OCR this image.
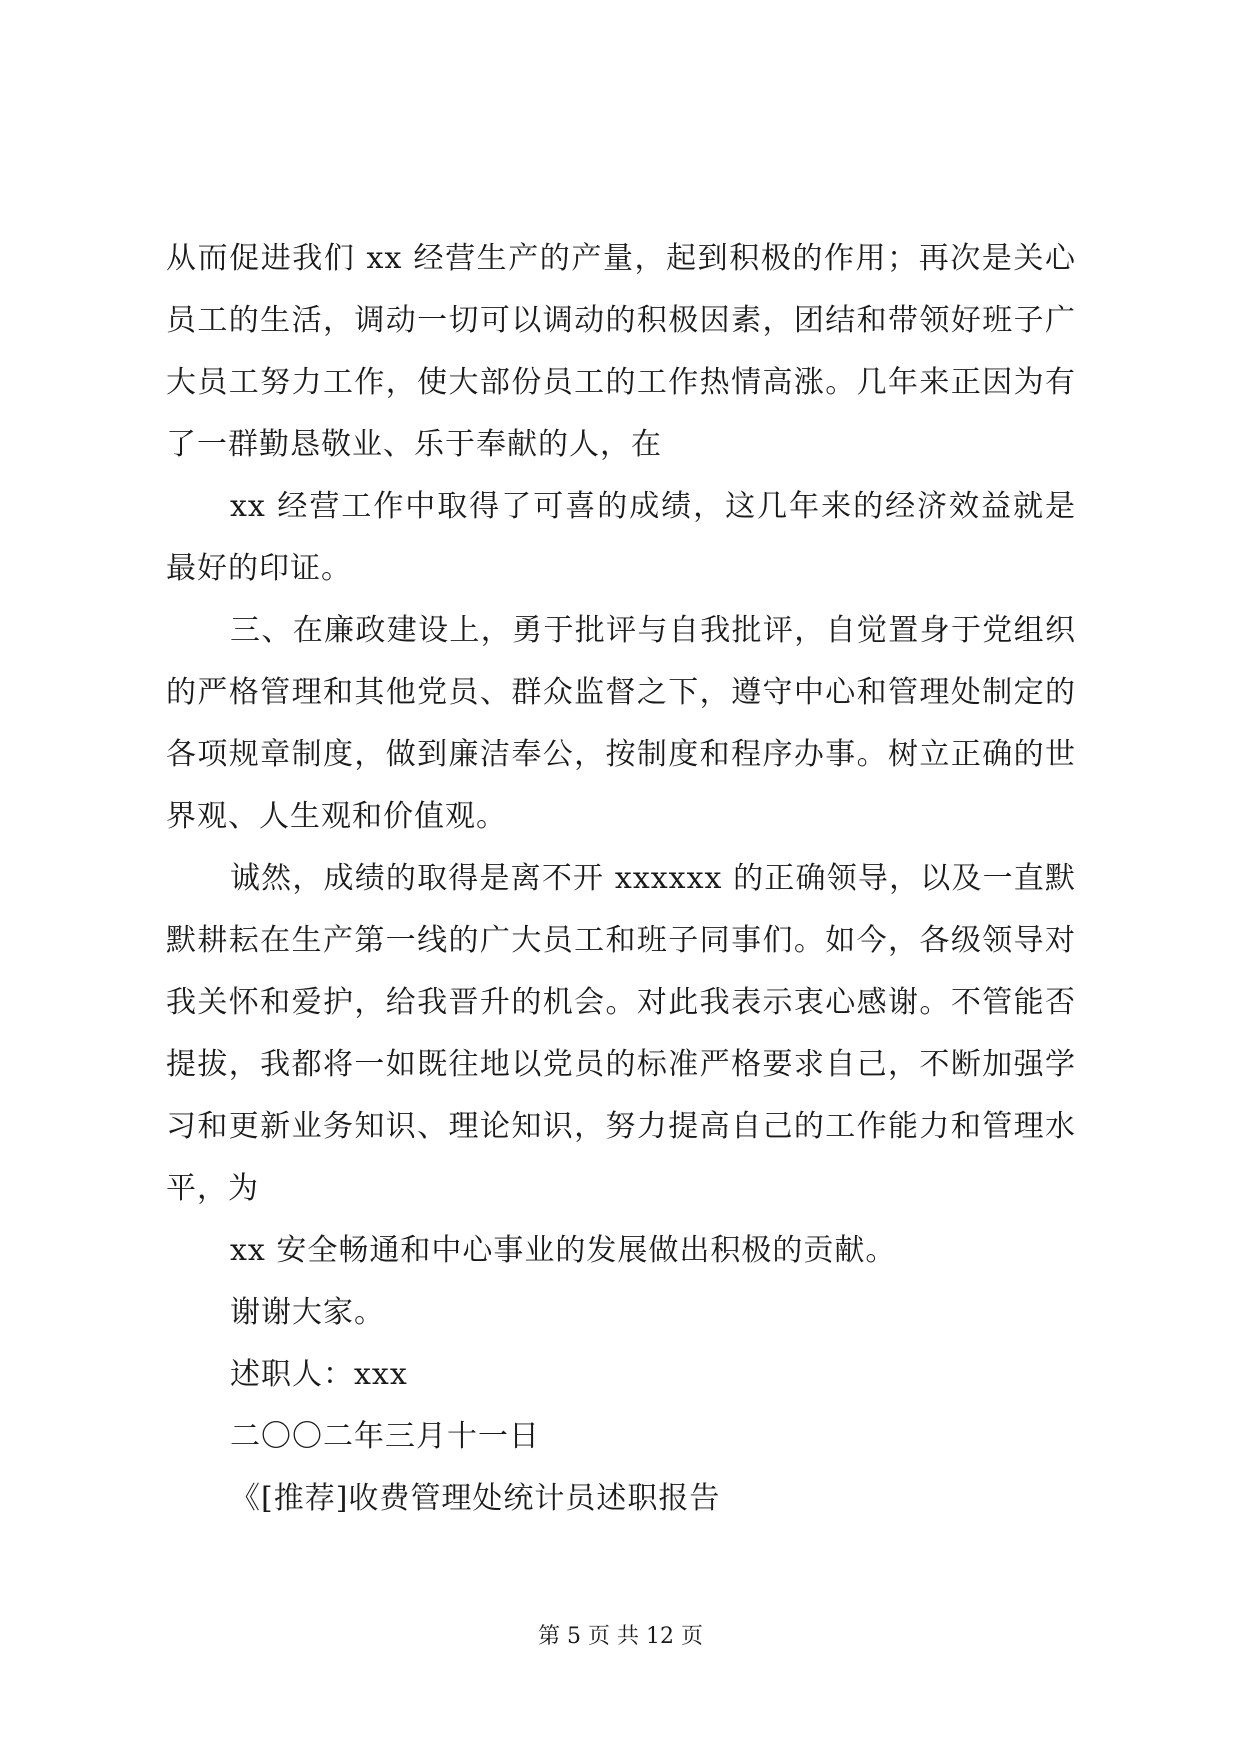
从而促进我们 xx 经营生产的产量，起到积极的作用；再次是关心员工的生活，调动一切可以调动的积极因素，团结和带领好班子广大员工努力工作，使大部份员工的工作热情高涨。几年来正因为有了一群勤恳敬业、乐于奉献的人，在

xx 经营工作中取得了可喜的成绩，这几年来的经济效益就是最好的印证。

三、在廉政建设上，勇于批评与自我批评，自觉置身于党组织的严格管理和其他党员、群众监督之下，遵守中心和管理处制定的各项规章制度，做到廉洁奉公，按制度和程序办事。树立正确的世界观、人生观和价值观。

诚然，成绩的取得是离不开 xxxxxx 的正确领导，以及一直默默耕耘在生产第一线的广大员工和班子同事们。如今，各级领导对我关怀和爱护，给我晋升的机会。对此我表示衷心感谢。不管能否提拔，我都将一如既往地以党员的标准严格要求自己，不断加强学习和更新业务知识、理论知识，努力提高自己的工作能力和管理水平，为

xx 安全畅通和中心事业的发展做出积极的贡献。

谢谢大家。

述职人：xxx

二〇〇二年三月十一日

《[推荐]收费管理处统计员述职报告

第 5 页 共 12 页
